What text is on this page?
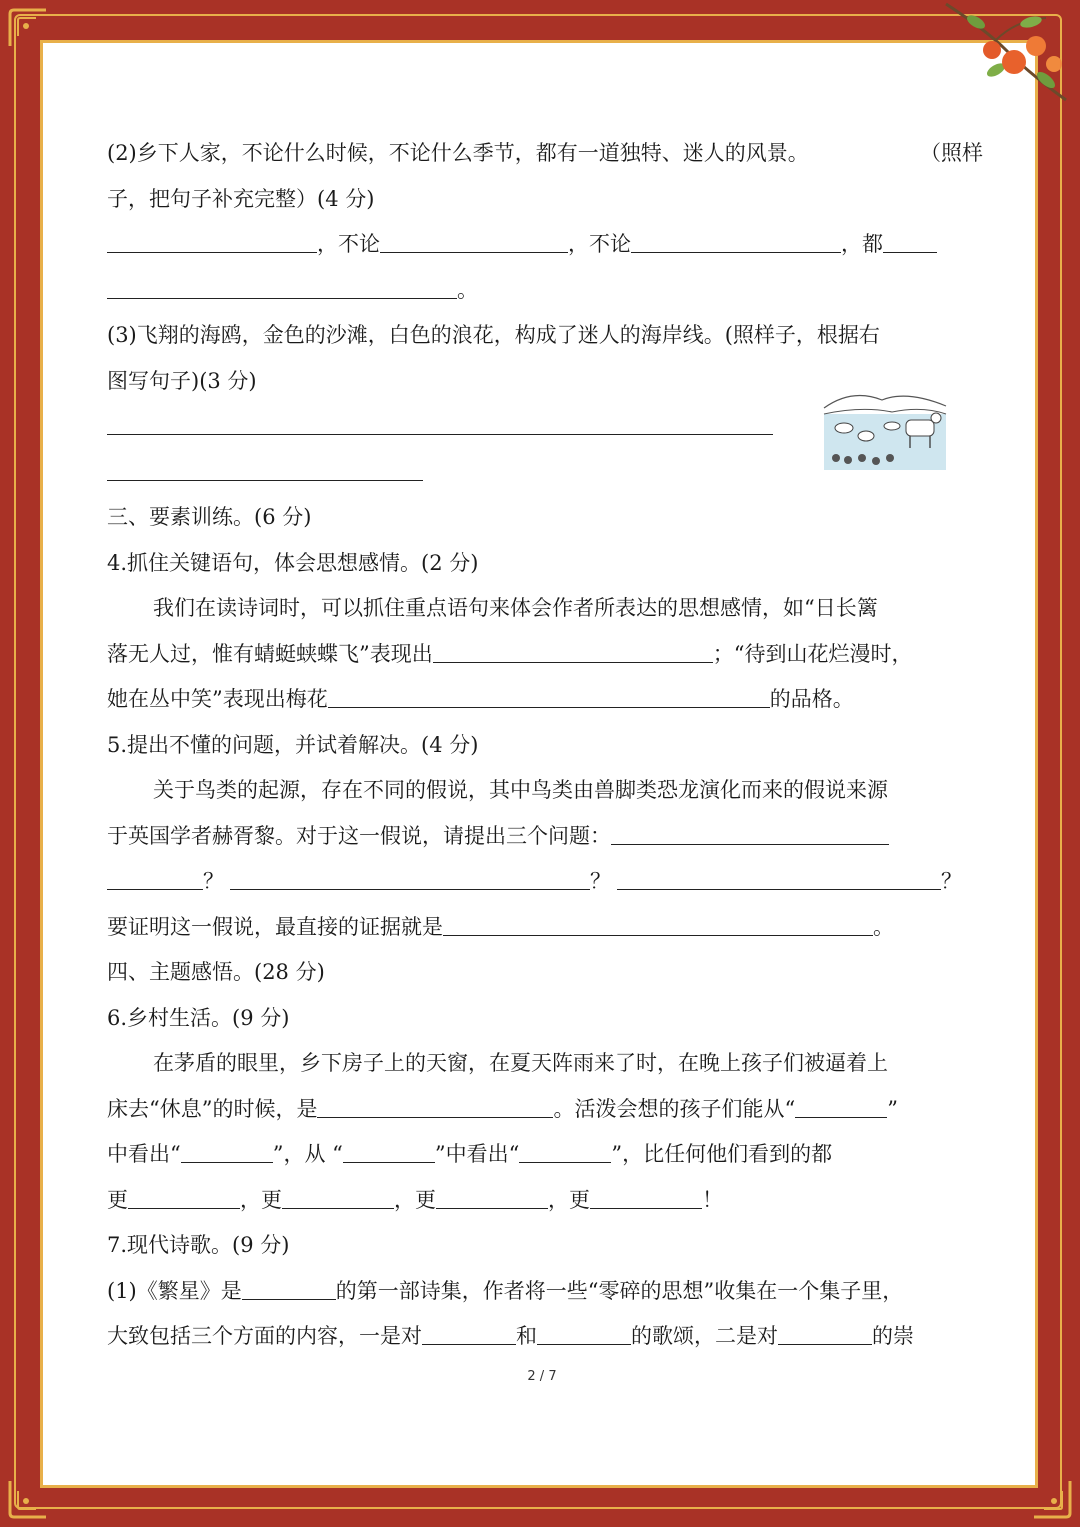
(2)乡下人家，不论什么时候，不论什么季节，都有一道独特、迷人的风景。	（照样
子，把句子补充完整）(4 分)
，不论	，不论	，都
。
(3)飞翔的海鸥，金色的沙滩，白色的浪花，构成了迷人的海岸线。(照样子，根据右
图写句子)(3 分)
三、要素训练。(6 分)
4.抓住关键语句，体会思想感情。(2 分)
我们在读诗词时，可以抓住重点语句来体会作者所表达的思想感情，如“日长篱
落无人过，惟有蜻蜓蛱蝶飞”表现出	；“待到山花烂漫时，
她在丛中笑”表现出梅花	的品格。
5.提出不懂的问题，并试着解决。(4 分)
关于鸟类的起源，存在不同的假说，其中鸟类由兽脚类恐龙演化而来的假说来源
于英国学者赫胥黎。对于这一假说，请提出三个问题：
？	？	？
要证明这一假说，最直接的证据就是	。
四、主题感悟。(28 分)
6.乡村生活。(9 分)
在茅盾的眼里，乡下房子上的天窗，在夏天阵雨来了时，在晚上孩子们被逼着上
床去“休息”的时候，是	。活泼会想的孩子们能从“	”
中看出“	”，从 “	”中看出“	”，比任何他们看到的都
更	，更	，更	，更	！
7.现代诗歌。(9 分)
(1)《繁星》是	的第一部诗集，作者将一些“零碎的思想”收集在一个集子里，
大致包括三个方面的内容，一是对	和	的歌颂，二是对	的崇
2 / 7
